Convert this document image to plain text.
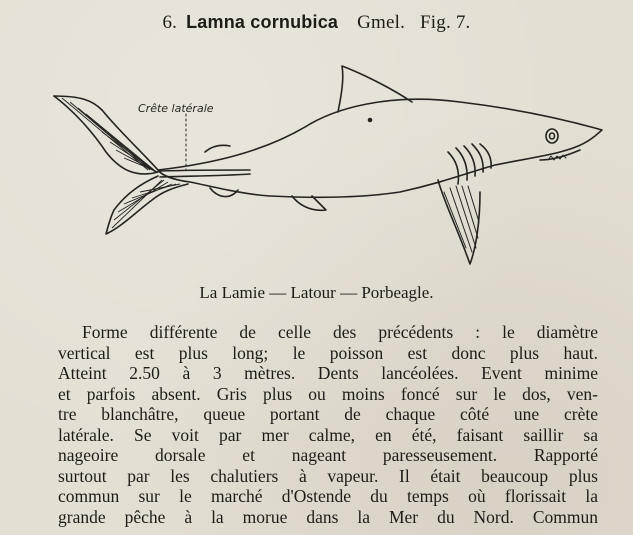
6. Lamna cornubica Gmel. Fig. 7.
Crête latérale
La Lamie — Latour — Porbeagle.
Forme différente de celle des précédents : le diamètre
vertical est plus long; le poisson est donc plus haut.
Atteint 2.50 à 3 mètres. Dents lancéolées. Event minime
et parfois absent. Gris plus ou moins foncé sur le dos, ven-
tre blanchâtre, queue portant de chaque côté une crète
latérale. Se voit par mer calme, en été, faisant saillir sa
nageoire dorsale et nageant paresseusement. Rapporté
surtout par les chalutiers à vapeur. Il était beaucoup plus
commun sur le marché d'Ostende du temps où florissait la
grande pêche à la morue dans la Mer du Nord. Commun
